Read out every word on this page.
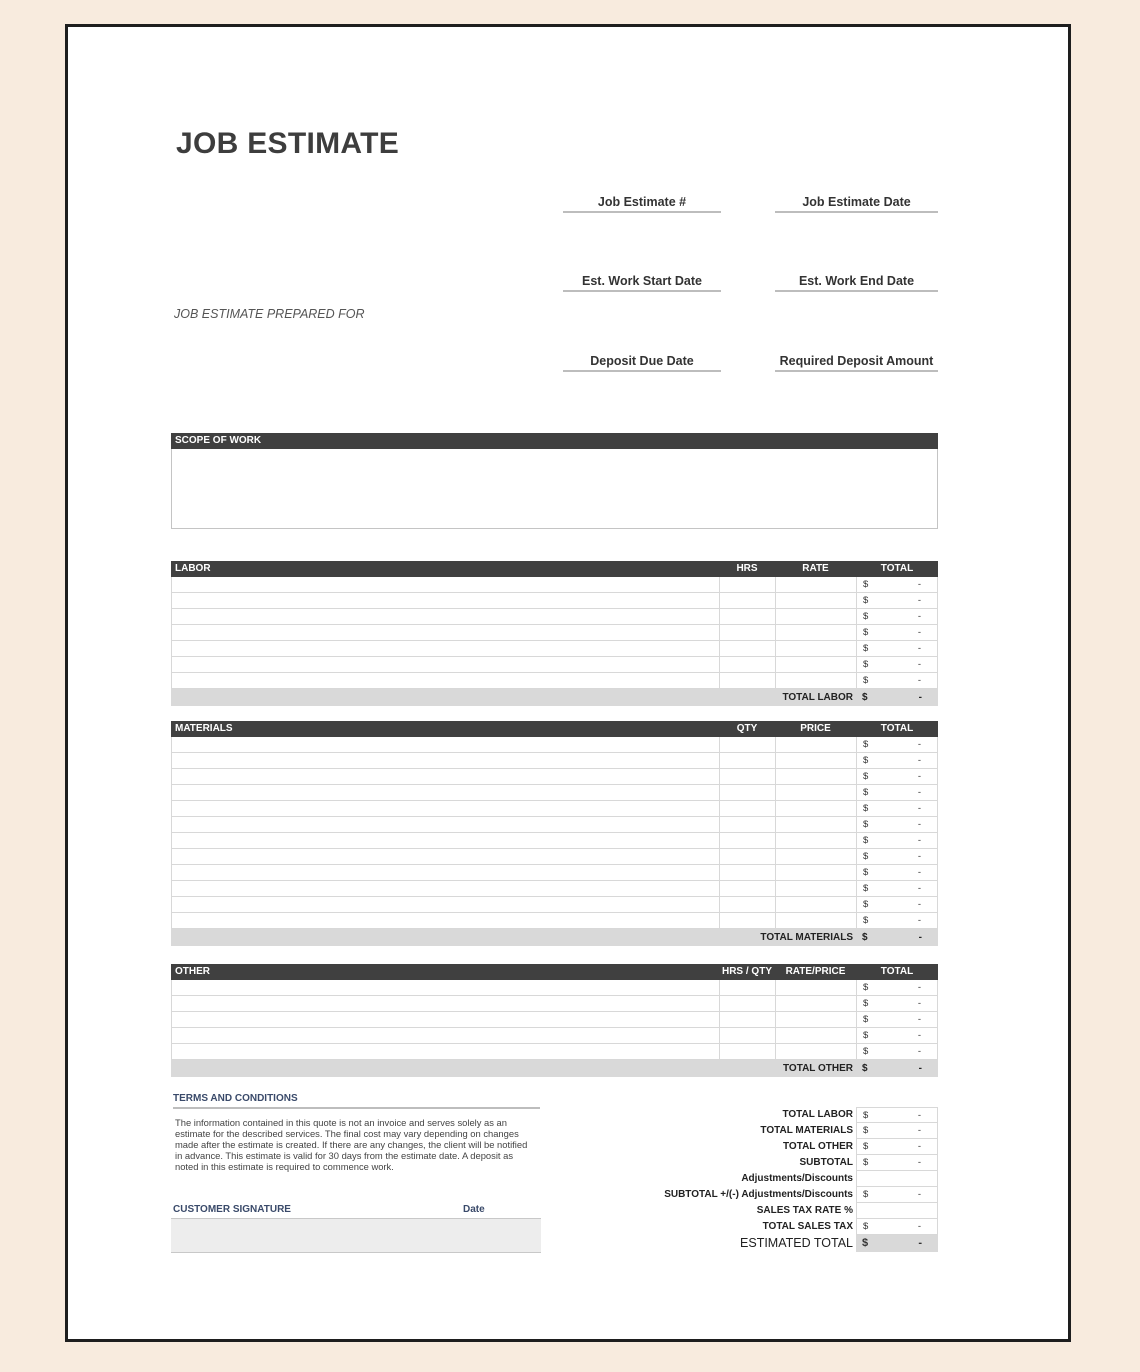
JOB ESTIMATE
Job Estimate #	Job Estimate Date
Est. Work Start Date	Est. Work End Date
Deposit Due Date	Required Deposit Amount
JOB ESTIMATE PREPARED FOR
SCOPE OF WORK
LABOR	HRS	RATE	TOTAL
$	-
$	-
$	-
$	-
$	-
$	-
$	-
TOTAL LABOR $	-
MATERIALS	QTY	PRICE	TOTAL
$	-
$	-
$	-
$	-
$	-
$	-
$	-
$	-
$	-
$	-
$	-
$	-
TOTAL MATERIALS $	-
OTHER	HRS / QTY	RATE/PRICE	TOTAL
$	-
$	-
$	-
$	-
$	-
TOTAL OTHER $	-
TERMS AND CONDITIONS
The information contained in this quote is not an invoice and serves solely as an estimate for the described services. The final cost may vary depending on changes made after the estimate is created. If there are any changes, the client will be notified in advance. This estimate is valid for 30 days from the estimate date. A deposit as noted in this estimate is required to commence work.
CUSTOMER SIGNATURE	Date
TOTAL LABOR	$	-
TOTAL MATERIALS	$	-
TOTAL OTHER	$	-
SUBTOTAL	$	-
Adjustments/Discounts
SUBTOTAL +/(-) Adjustments/Discounts	$	-
SALES TAX RATE %
TOTAL SALES TAX	$	-
ESTIMATED TOTAL $	-
